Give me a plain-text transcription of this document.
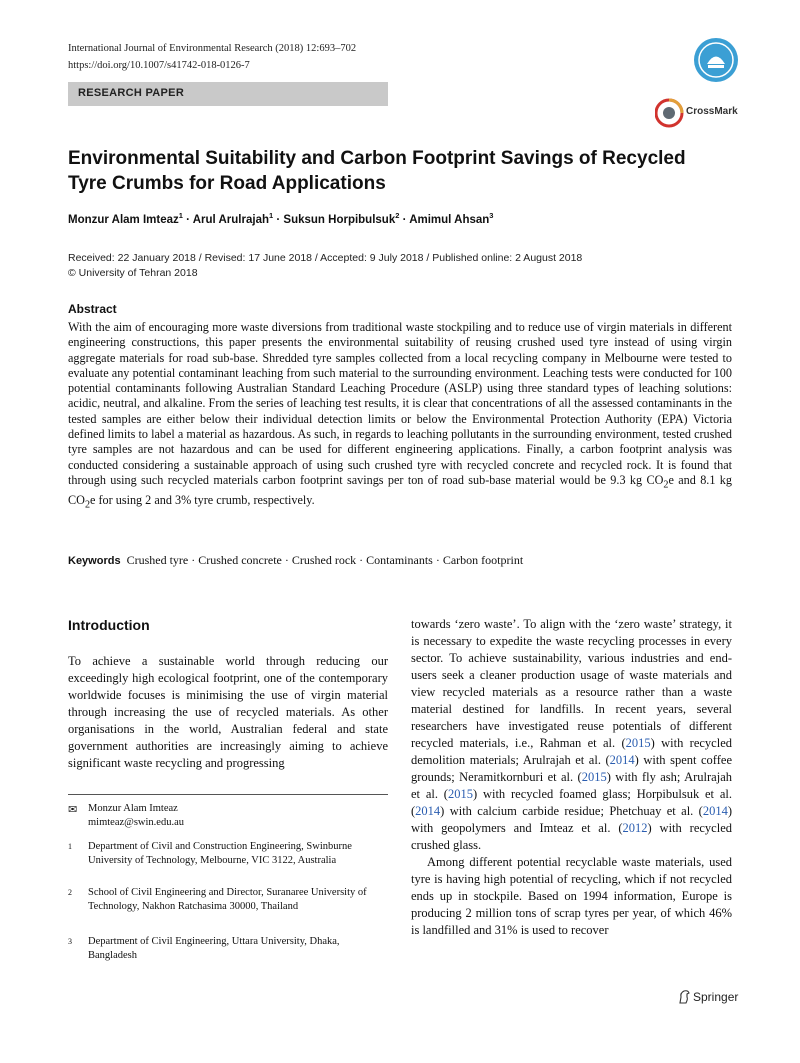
International Journal of Environmental Research (2018) 12:693–702
https://doi.org/10.1007/s41742-018-0126-7
RESEARCH PAPER
CrossMark
Environmental Suitability and Carbon Footprint Savings of Recycled Tyre Crumbs for Road Applications
Monzur Alam Imteaz$^1$ · Arul Arulrajah$^1$ · Suksun Horpibulsuk$^2$ · Amimul Ahsan$^3$
Received: 22 January 2018 / Revised: 17 June 2018 / Accepted: 9 July 2018 / Published online: 2 August 2018
© University of Tehran 2018
Abstract
With the aim of encouraging more waste diversions from traditional waste stockpiling and to reduce use of virgin materials in different engineering constructions, this paper presents the environmental suitability of reusing crushed used tyre instead of using virgin aggregate materials for road sub-base. Shredded tyre samples collected from a local recycling company in Melbourne were tested to evaluate any potential contaminant leaching from such material to the surrounding environment. Leaching tests were conducted for 100 potential contaminants following Australian Standard Leaching Procedure (ASLP) using three standard types of leaching solutions: acidic, neutral, and alkaline. From the series of leaching test results, it is clear that concentrations of all the assessed contaminants in the tested samples are either below their individual detection limits or below the Environmental Protection Authority (EPA) Victoria defined limits to label a material as hazardous. As such, in regards to leaching pollutants in the surrounding environment, tested crushed tyre samples are not hazardous and can be used for different engineering applications. Finally, a carbon footprint analysis was conducted considering a sustainable approach of using such crushed tyre with recycled concrete and recycled rock. It is found that through using such recycled materials carbon footprint savings per ton of road sub-base material would be 9.3 kg $CO_2e$ and 8.1 kg $CO_2e$ for using 2 and 3% tyre crumb, respectively.
Keywords Crushed tyre · Crushed concrete · Crushed rock · Contaminants · Carbon footprint
Introduction
To achieve a sustainable world through reducing our exceedingly high ecological footprint, one of the contemporary worldwide focuses is minimising the use of virgin material through increasing the use of recycled materials. As other organisations in the world, Australian federal and state government authorities are increasingly aiming to achieve significant waste recycling and progressing
✉ Monzur Alam Imteaz
mimteaz@swin.edu.au
1 Department of Civil and Construction Engineering, Swinburne University of Technology, Melbourne, VIC 3122, Australia
2 School of Civil Engineering and Director, Suranaree University of Technology, Nakhon Ratchasima 30000, Thailand
3 Department of Civil Engineering, Uttara University, Dhaka, Bangladesh

towards ‘zero waste’. To align with the ‘zero waste’ strategy, it is necessary to expedite the waste recycling processes in every sector. To achieve sustainability, various industries and end-users seek a cleaner production usage of waste materials and view recycled materials as a resource rather than a waste material destined for landfills. In recent years, several researchers have investigated reuse potentials of different recycled materials, i.e., Rahman et al. (2015) with recycled demolition materials; Arulrajah et al. (2014) with spent coffee grounds; Neramitkornburi et al. (2015) with fly ash; Arulrajah et al. (2015) with recycled foamed glass; Horpibulsuk et al. (2014) with calcium carbide residue; Phetchuay et al. (2014) with geopolymers and Imteaz et al. (2012) with recycled crushed glass.

Among different potential recyclable waste materials, used tyre is having high potential of recycling, which if not recycled ends up in stockpile. Based on 1994 information, Europe is producing 2 million tons of scrap tyres per year, of which 46% is landfilled and 31% is used to recover

Springer
